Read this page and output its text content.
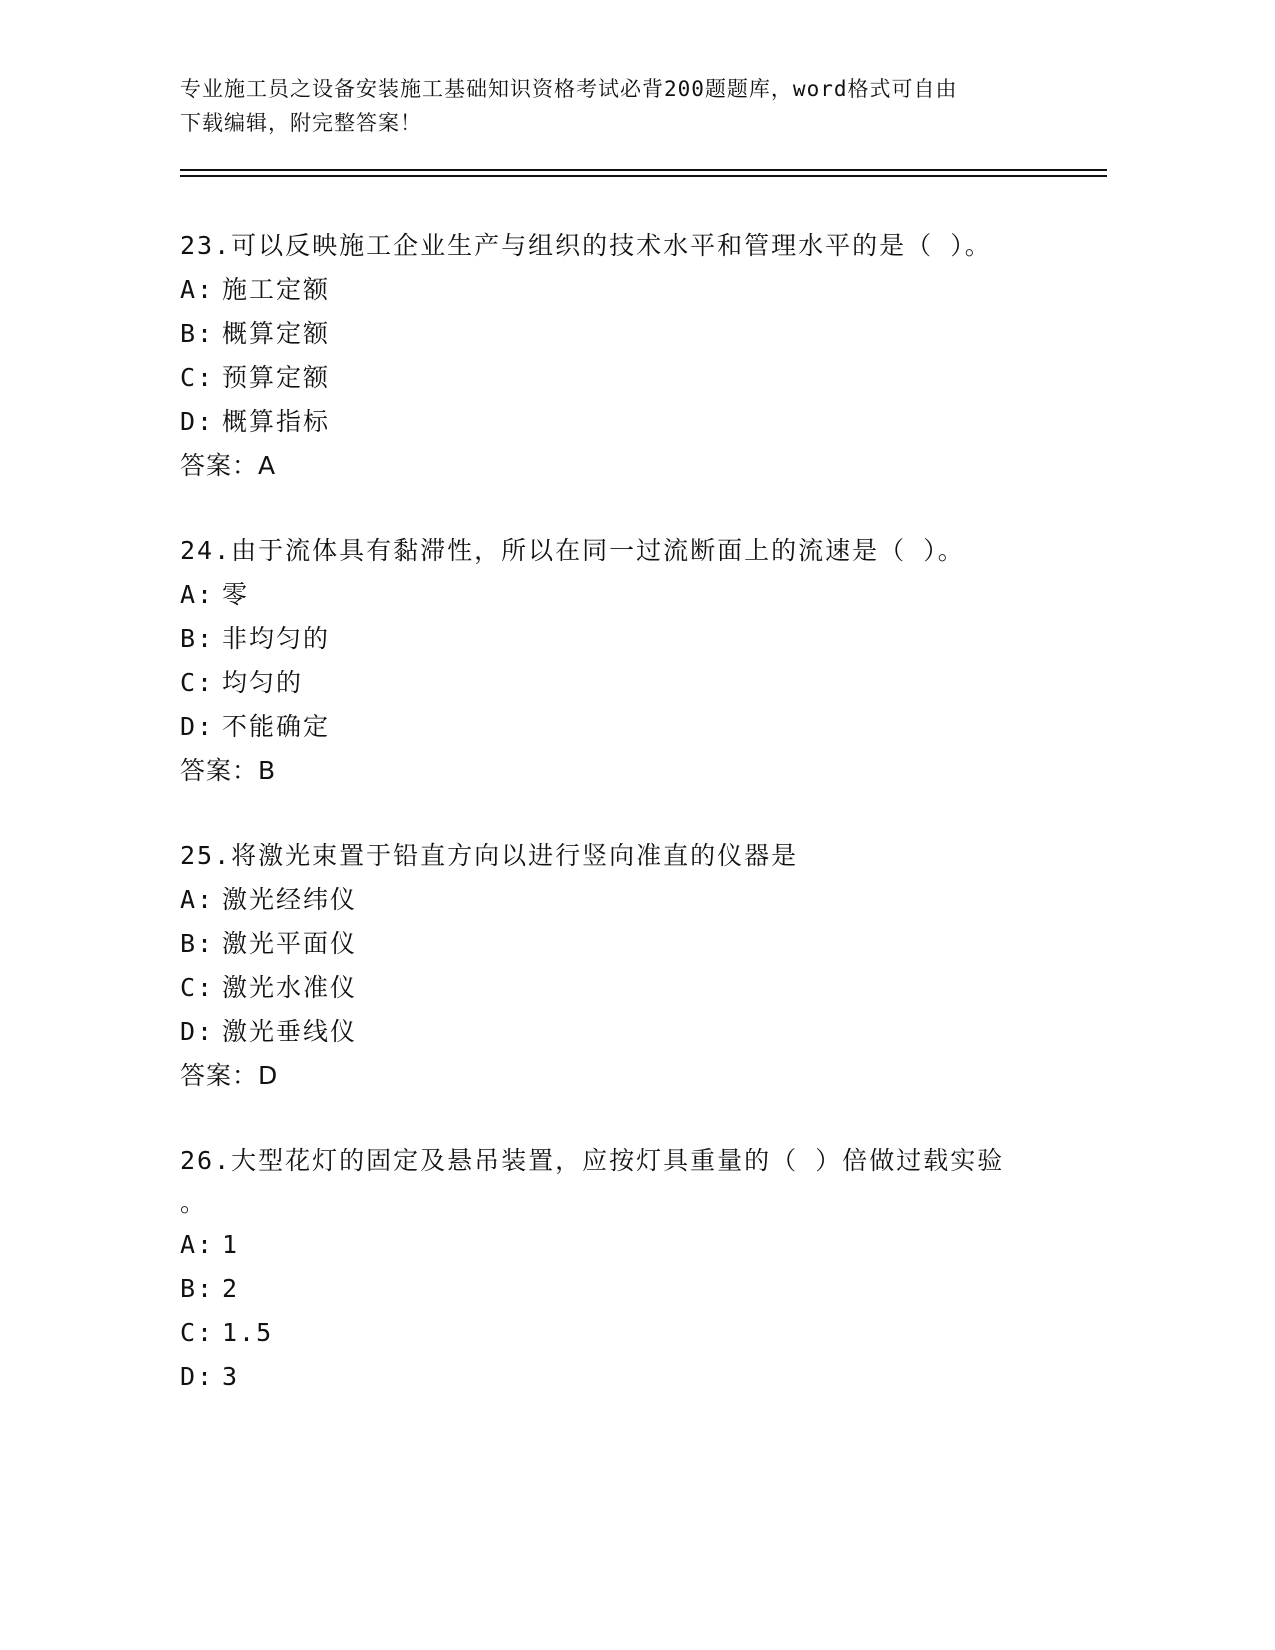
专业施工员之设备安装施工基础知识资格考试必背200题题库，word格式可自由
下载编辑，附完整答案！
23.可以反映施工企业生产与组织的技术水平和管理水平的是（ ）。
A: 施工定额
B: 概算定额
C: 预算定额
D: 概算指标
答案：A
24.由于流体具有黏滞性，所以在同一过流断面上的流速是（ ）。
A: 零
B: 非均匀的
C: 均匀的
D: 不能确定
答案：B
25.将激光束置于铅直方向以进行竖向准直的仪器是
A: 激光经纬仪
B: 激光平面仪
C: 激光水准仪
D: 激光垂线仪
答案：D
26.大型花灯的固定及悬吊装置，应按灯具重量的（ ）倍做过载实验
。
A: 1
B: 2
C: 1.5
D: 3
